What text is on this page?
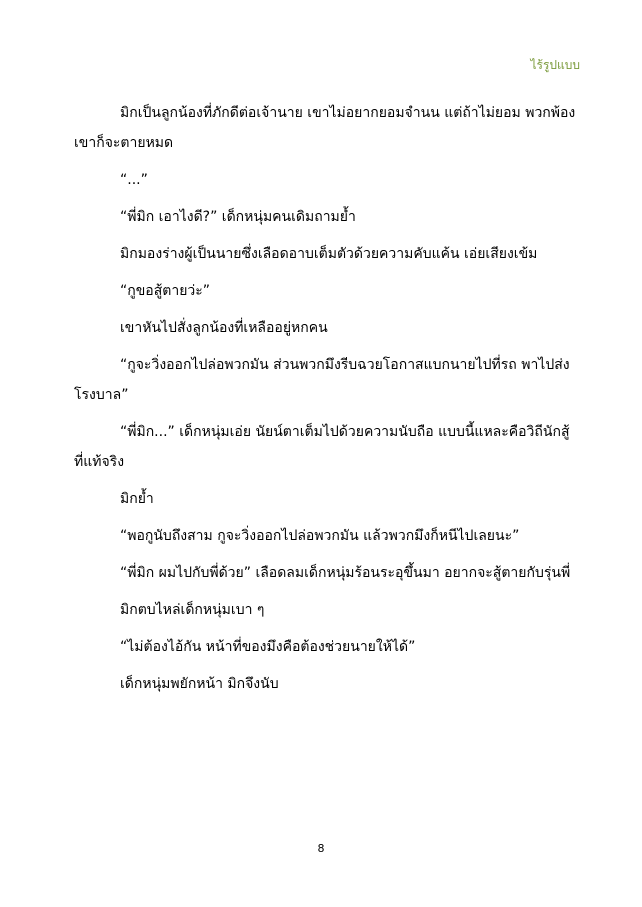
ไร้รูปแบบ

มิกเป็นลูกน้องที่ภักดีต่อเจ้านาย เขาไม่อยากยอมจำนน แต่ถ้าไม่ยอม พวกพ้องเขาก็จะตายหมด

“...”

“พี่มิก เอาไงดี?” เด็กหนุ่มคนเดิมถามย้ำ

มิกมองร่างผู้เป็นนายซึ่งเลือดอาบเต็มตัวด้วยความคับแค้น เอ่ยเสียงเข้ม

“กูขอสู้ตายว่ะ”

เขาหันไปสั่งลูกน้องที่เหลืออยู่หกคน

“กูจะวิ่งออกไปล่อพวกมัน ส่วนพวกมึงรีบฉวยโอกาสแบกนายไปที่รถ พาไปส่งโรงบาล”

“พี่มิก...” เด็กหนุ่มเอ่ย นัยน์ตาเต็มไปด้วยความนับถือ แบบนี้แหละคือวิถีนักสู้ที่แท้จริง

มิกย้ำ

“พอกูนับถึงสาม กูจะวิ่งออกไปล่อพวกมัน แล้วพวกมึงก็หนีไปเลยนะ”

“พี่มิก ผมไปกับพี่ด้วย” เลือดลมเด็กหนุ่มร้อนระอุขึ้นมา อยากจะสู้ตายกับรุ่นพี่

มิกตบไหล่เด็กหนุ่มเบา ๆ

“ไม่ต้องไอ้กัน หน้าที่ของมึงคือต้องช่วยนายให้ได้”

เด็กหนุ่มพยักหน้า มิกจึงนับ

8
